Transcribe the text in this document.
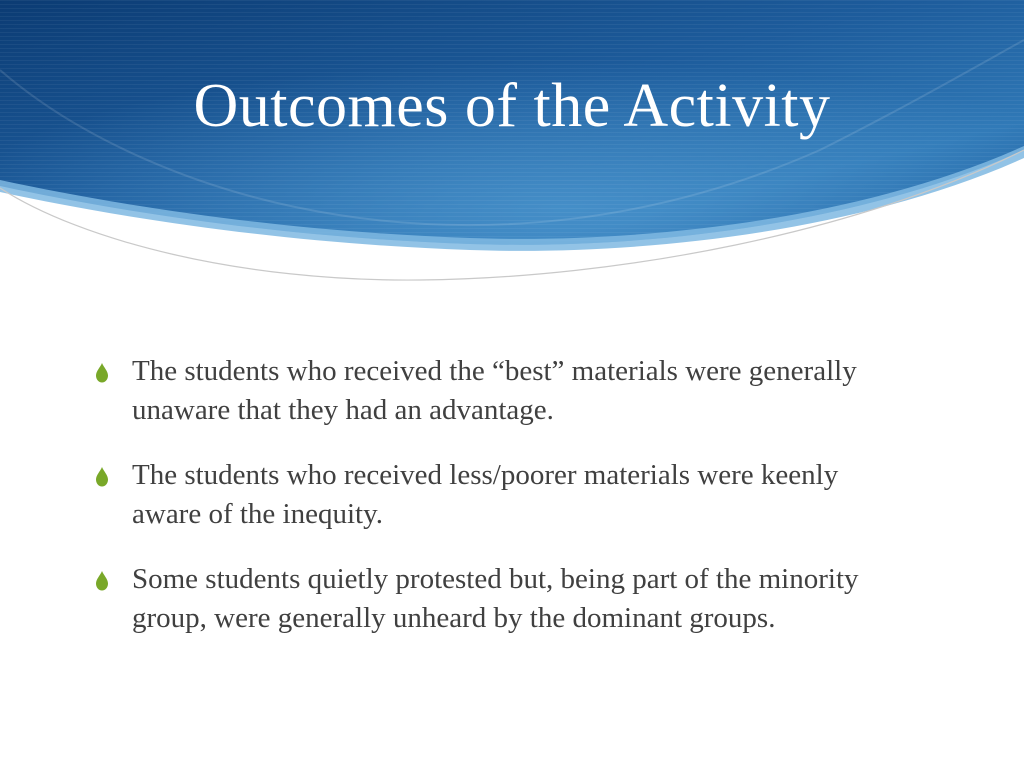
Outcomes of the Activity
The students who received the “best” materials were generally unaware that they had an advantage.
The students who received less/poorer materials were keenly aware of the inequity.
Some students quietly protested but, being part of the minority group, were generally unheard by the dominant groups.
